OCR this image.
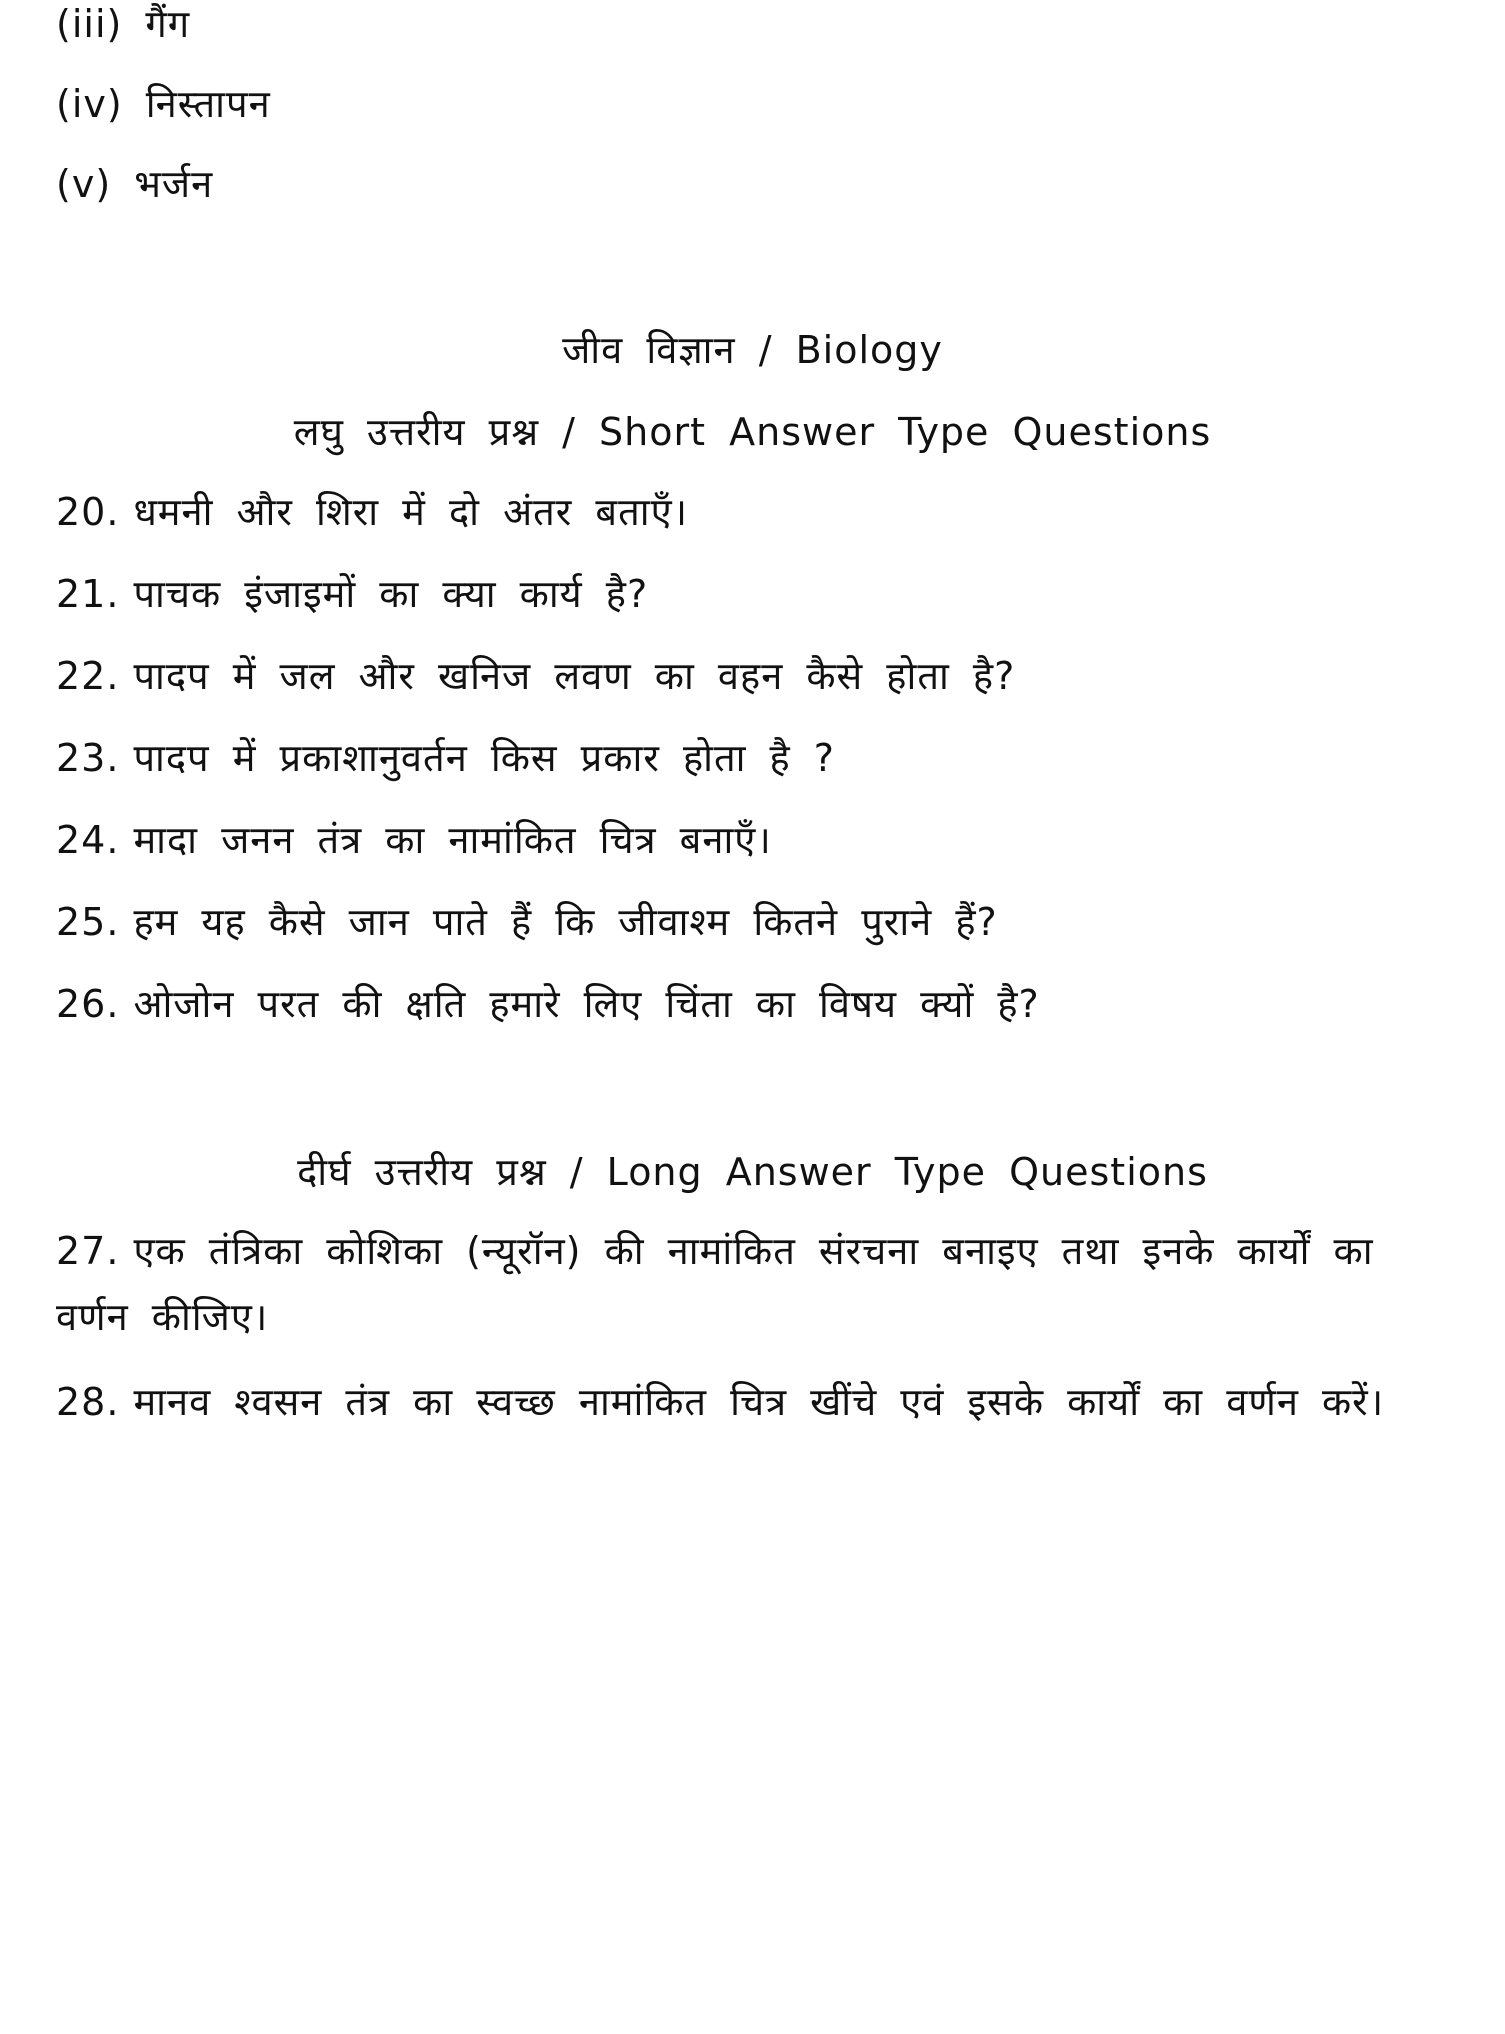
(iii) गैंग
(iv) निस्तापन
(v) भर्जन
जीव विज्ञान / Biology
लघु उत्तरीय प्रश्न / Short Answer Type Questions
20. धमनी और शिरा में दो अंतर बताएँ।
21. पाचक इंजाइमों का क्या कार्य है?
22. पादप में जल और खनिज लवण का वहन कैसे होता है?
23. पादप में प्रकाशानुवर्तन किस प्रकार होता है ?
24. मादा जनन तंत्र का नामांकित चित्र बनाएँ।
25. हम यह कैसे जान पाते हैं कि जीवाश्म कितने पुराने हैं?
26. ओजोन परत की क्षति हमारे लिए चिंता का विषय क्यों है?
दीर्घ उत्तरीय प्रश्न / Long Answer Type Questions
27. एक तंत्रिका कोशिका (न्यूरॉन) की नामांकित संरचना बनाइए तथा इनके कार्यों का वर्णन कीजिए।
28. मानव श्वसन तंत्र का स्वच्छ नामांकित चित्र खींचे एवं इसके कार्यों का वर्णन करें।
